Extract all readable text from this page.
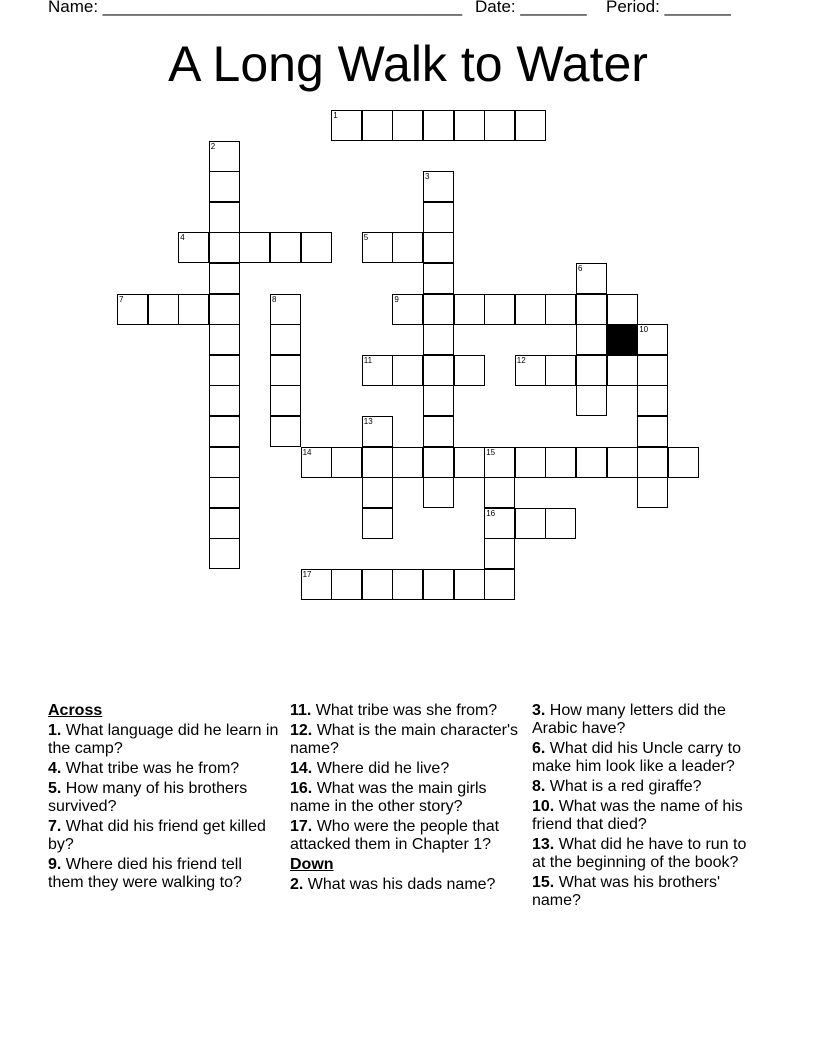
Name: ______________________________________ Date: _______ Period: _______
A Long Walk to Water
1
2
3
4	5
6
7	8	9
10
11	12
13
14	15
16
17
Across
1. What language did he learn in the camp?
4. What tribe was he from?
5. How many of his brothers survived?
7. What did his friend get killed by?
9. Where died his friend tell them they were walking to?
11. What tribe was she from?
12. What is the main character's name?
14. Where did he live?
16. What was the main girls name in the other story?
17. Who were the people that attacked them in Chapter 1?
Down
2. What was his dads name?
3. How many letters did the Arabic have?
6. What did his Uncle carry to make him look like a leader?
8. What is a red giraffe?
10. What was the name of his friend that died?
13. What did he have to run to at the beginning of the book?
15. What was his brothers' name?
